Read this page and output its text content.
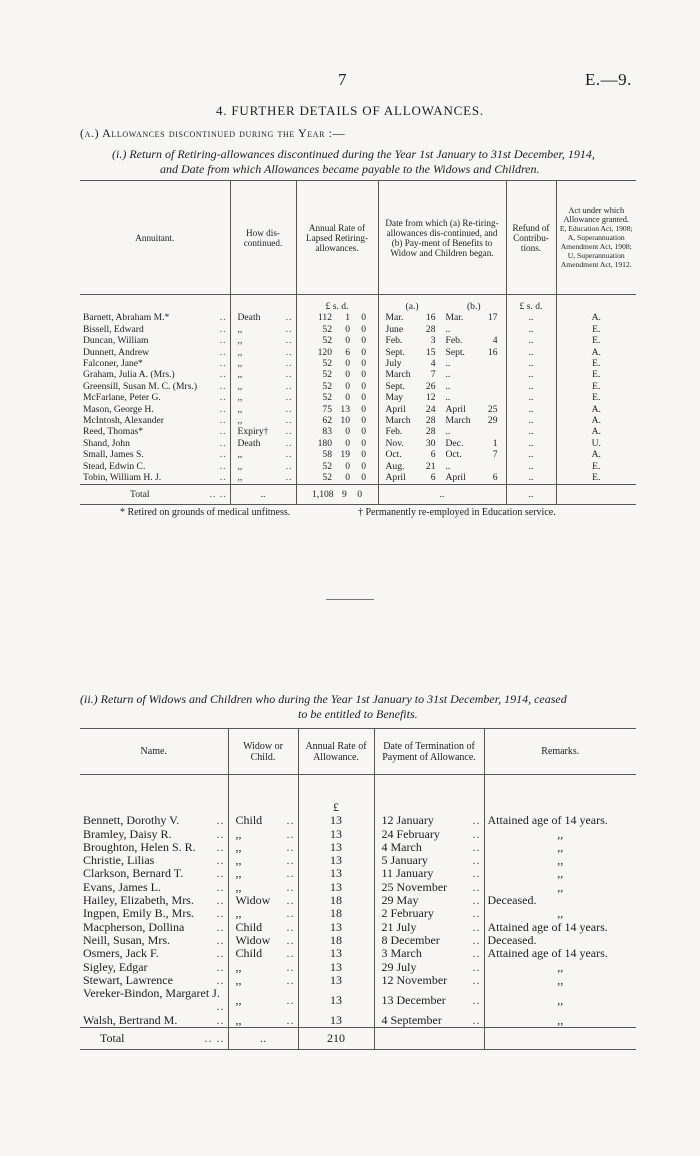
7	E.—9.
4. FURTHER DETAILS OF ALLOWANCES.
(a.) Allowances discontinued during the Year :—
(i.) Return of Retiring-allowances discontinued during the Year 1st January to 31st December, 1914,
and Date from which Allowances became payable to the Widows and Children.
Annuitant.	How dis-continued.	Annual Rate of Lapsed Retiring-allowances.	Date from which (a) Re-tiring-allowances dis-continued, and (b) Pay-ment of Benefits to Widow and Children began.	Refund of Contribu-tions.	Act under which Allowance granted.
E, Education Act, 1908; A, Superannuation Amendment Act, 1908; U, Superannuation Amendment Act, 1912.

		£ s. d.	(a.) (b.)	£ s. d.	
Barnett, Abraham M.* ..	Death ..	112 1 0	Mar. 16 Mar. 17	..	A.
Bissell, Edward ..	,, ..	52 0 0	June 28 ..	..	E.
Duncan, William ..	,, ..	52 0 0	Feb. 3 Feb. 4	..	E.
Dunnett, Andrew ..	,, ..	120 6 0	Sept. 15 Sept. 16	..	A.
Falconer, Jane* ..	,, ..	52 0 0	July 4 ..	..	E.
Graham, Julia A. (Mrs.) ..	,, ..	52 0 0	March 7 ..	..	E.
Greensill, Susan M. C. (Mrs.) ..	,, ..	52 0 0	Sept. 26 ..	..	E.
McFarlane, Peter G. ..	,, ..	52 0 0	May 12 ..	..	E.
Mason, George H. ..	,, ..	75 13 0	April 24 April 25	..	A.
McIntosh, Alexander ..	,, ..	62 10 0	March 28 March 29	..	A.
Reed, Thomas* ..	Expiry† ..	83 0 0	Feb. 28 ..	..	A.
Shand, John ..	Death ..	180 0 0	Nov. 30 Dec. 1	..	U.
Small, James S. ..	,, ..	58 19 0	Oct. 6 Oct. 7	..	A.
Stead, Edwin C. ..	,, ..	52 0 0	Aug. 21 ..	..	E.
Tobin, William H. J. ..	,, ..	52 0 0	April 6 April 6	..	E.
Total .. ..	..	1,108 9 0	..	..	
* Retired on grounds of medical unfitness.	† Permanently re-employed in Education service.
(ii.) Return of Widows and Children who during the Year 1st January to 31st December, 1914, ceased
to be entitled to Benefits.
Name.	Widow or Child.	Annual Rate of Allowance.	Date of Termination of Payment of Allowance.	Remarks.
		£		
Bennett, Dorothy V. ..	Child ..	13	12 January ..	Attained age of 14 years.
Bramley, Daisy R. ..	,, ..	13	24 February ..	,,
Broughton, Helen S. R. ..	,, ..	13	4 March ..	,,
Christie, Lilias ..	,, ..	13	5 January ..	,,
Clarkson, Bernard T. ..	,, ..	13	11 January ..	,,
Evans, James L. ..	,, ..	13	25 November ..	,,
Hailey, Elizabeth, Mrs. ..	Widow ..	18	29 May ..	Deceased.
Ingpen, Emily B., Mrs. ..	,, ..	18	2 February ..	,,
Macpherson, Dollina ..	Child ..	13	21 July ..	Attained age of 14 years.
Neill, Susan, Mrs. ..	Widow ..	18	8 December ..	Deceased.
Osmers, Jack F. ..	Child ..	13	3 March ..	Attained age of 14 years.
Sigley, Edgar ..	,, ..	13	29 July ..	,,
Stewart, Lawrence ..	,, ..	13	12 November ..	,,
Vereker-Bindon, Margaret J.
..	,, ..	13	13 December ..	,,
Walsh, Bertrand M. ..	,, ..	13	4 September ..	,,
Total .. ..	..	210		
